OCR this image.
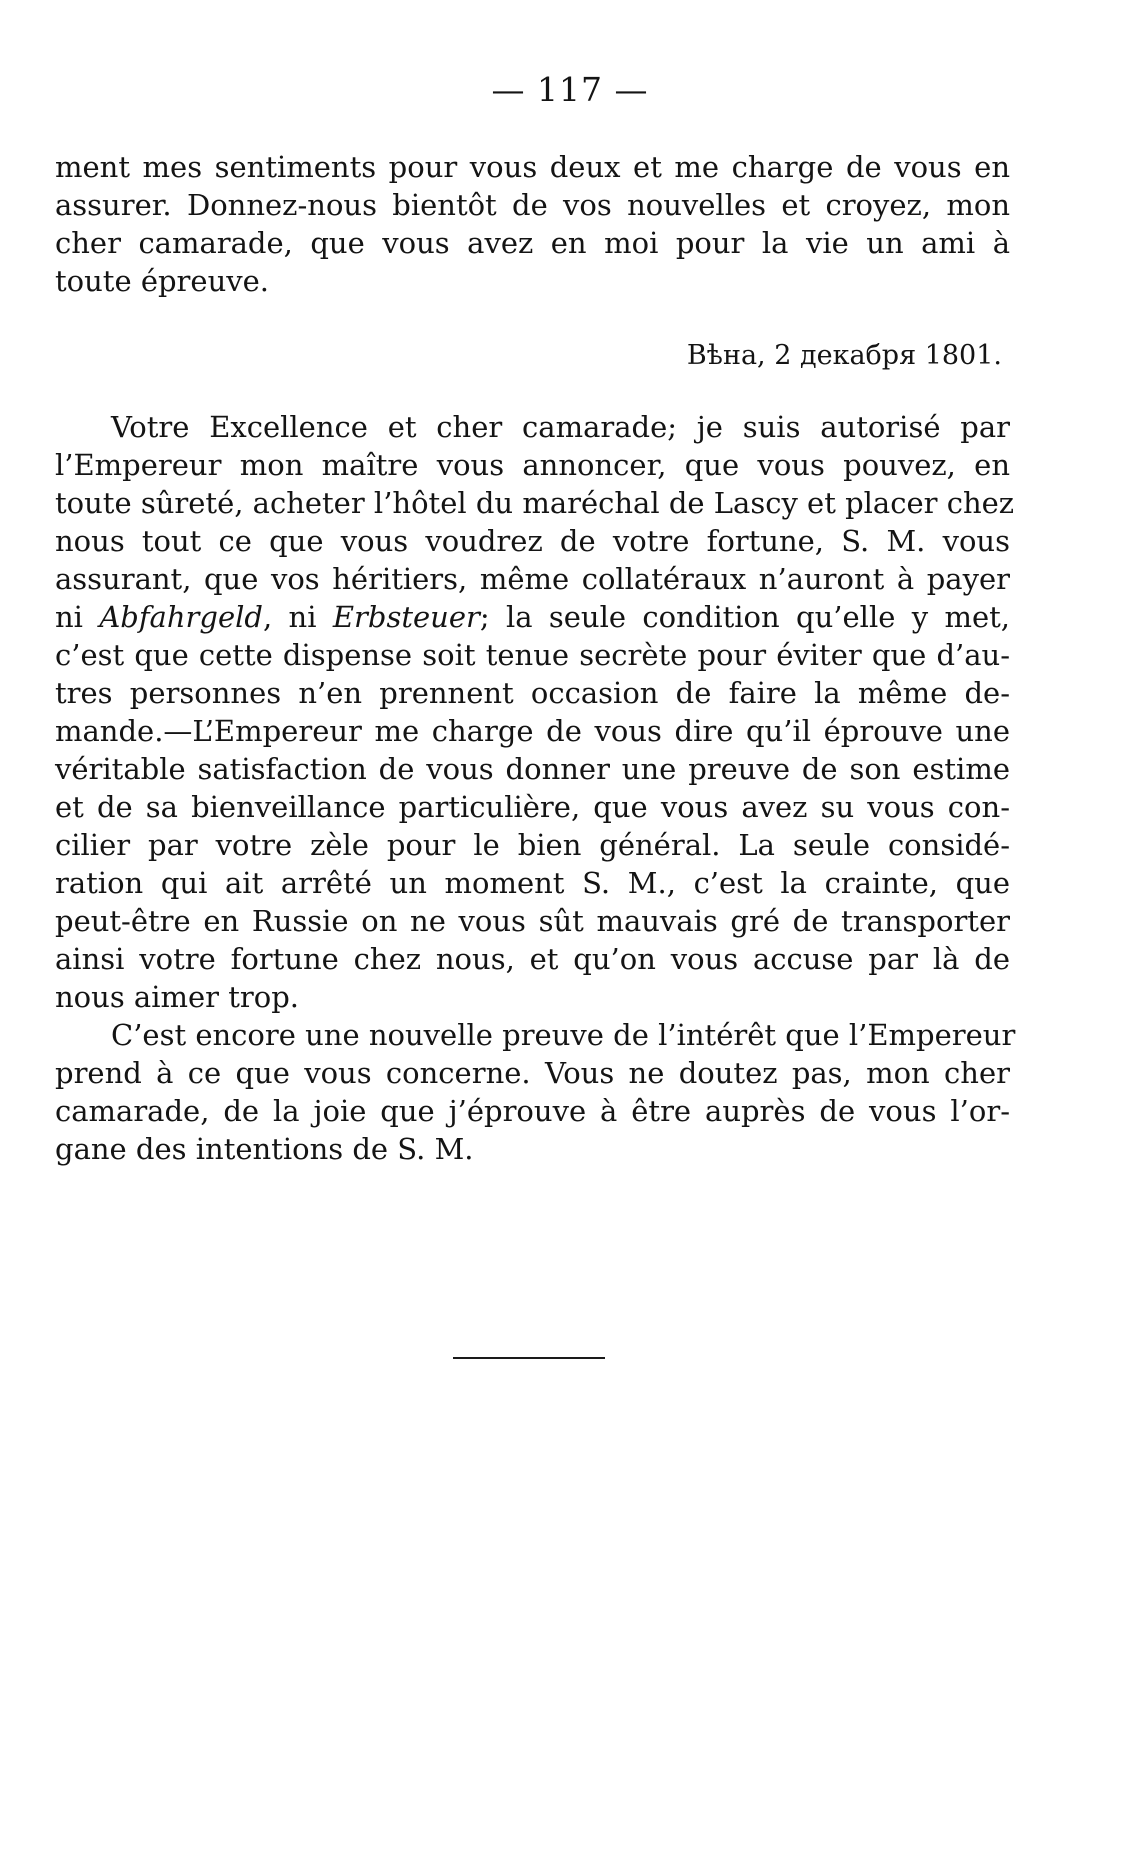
— 117 —
ment mes sentiments pour vous deux et me charge de vous en
assurer. Donnez-nous bientôt de vos nouvelles et croyez, mon
cher camarade, que vous avez en moi pour la vie un ami à
toute épreuve.
Вѣна, 2 декабря 1801.
Votre Excellence et cher camarade; je suis autorisé par
l’Empereur mon maître vous annoncer, que vous pouvez, en
toute sûreté, acheter l’hôtel du maréchal de Lascy et placer chez
nous tout ce que vous voudrez de votre fortune, S. M. vous
assurant, que vos héritiers, même collatéraux n’auront à payer
ni Abfahrgeld, ni Erbsteuer; la seule condition qu’elle y met,
c’est que cette dispense soit tenue secrète pour éviter que d’au-
tres personnes n’en prennent occasion de faire la même de-
mande.—L’Empereur me charge de vous dire qu’il éprouve une
véritable satisfaction de vous donner une preuve de son estime
et de sa bienveillance particulière, que vous avez su vous con-
cilier par votre zèle pour le bien général. La seule considé-
ration qui ait arrêté un moment S. M., c’est la crainte, que
peut-être en Russie on ne vous sût mauvais gré de transporter
ainsi votre fortune chez nous, et qu’on vous accuse par là de
nous aimer trop.
C’est encore une nouvelle preuve de l’intérêt que l’Empereur
prend à ce que vous concerne. Vous ne doutez pas, mon cher
camarade, de la joie que j’éprouve à être auprès de vous l’or-
gane des intentions de S. M.
